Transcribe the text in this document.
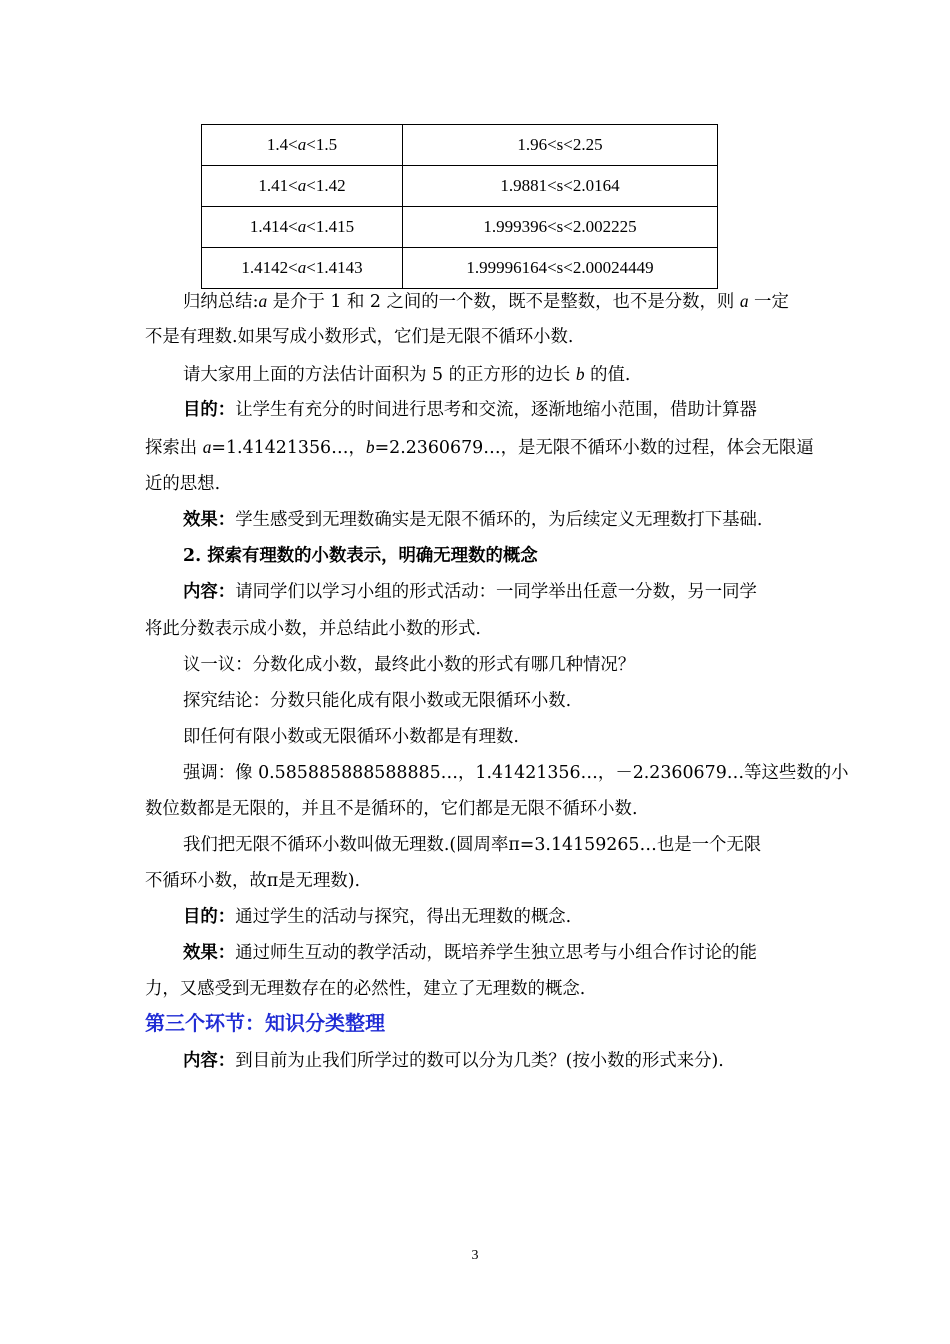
1.4<a<1.5	1.96<s<2.25
1.41<a<1.42	1.9881<s<2.0164
1.414<a<1.415	1.999396<s<2.002225
1.4142<a<1.4143	1.99996164<s<2.00024449
归纳总结:a 是介于 1 和 2 之间的一个数，既不是整数，也不是分数，则 a 一定
不是有理数.如果写成小数形式，它们是无限不循环小数.
请大家用上面的方法估计面积为 5 的正方形的边长 b 的值.
目的：让学生有充分的时间进行思考和交流，逐渐地缩小范围，借助计算器
探索出 a=1.41421356…，b=2.2360679…，是无限不循环小数的过程，体会无限逼
近的思想.
效果：学生感受到无理数确实是无限不循环的，为后续定义无理数打下基础.
2. 探索有理数的小数表示，明确无理数的概念
内容：请同学们以学习小组的形式活动：一同学举出任意一分数，另一同学
将此分数表示成小数，并总结此小数的形式.
议一议：分数化成小数，最终此小数的形式有哪几种情况？
探究结论：分数只能化成有限小数或无限循环小数.
即任何有限小数或无限循环小数都是有理数.
强调：像 0.585885888588885…，1.41421356…，－2.2360679…等这些数的小
数位数都是无限的，并且不是循环的，它们都是无限不循环小数.
我们把无限不循环小数叫做无理数.(圆周率π=3.14159265…也是一个无限
不循环小数，故π是无理数).
目的：通过学生的活动与探究，得出无理数的概念.
效果：通过师生互动的教学活动，既培养学生独立思考与小组合作讨论的能
力，又感受到无理数存在的必然性，建立了无理数的概念.
第三个环节：知识分类整理
内容：到目前为止我们所学过的数可以分为几类？(按小数的形式来分).
3
